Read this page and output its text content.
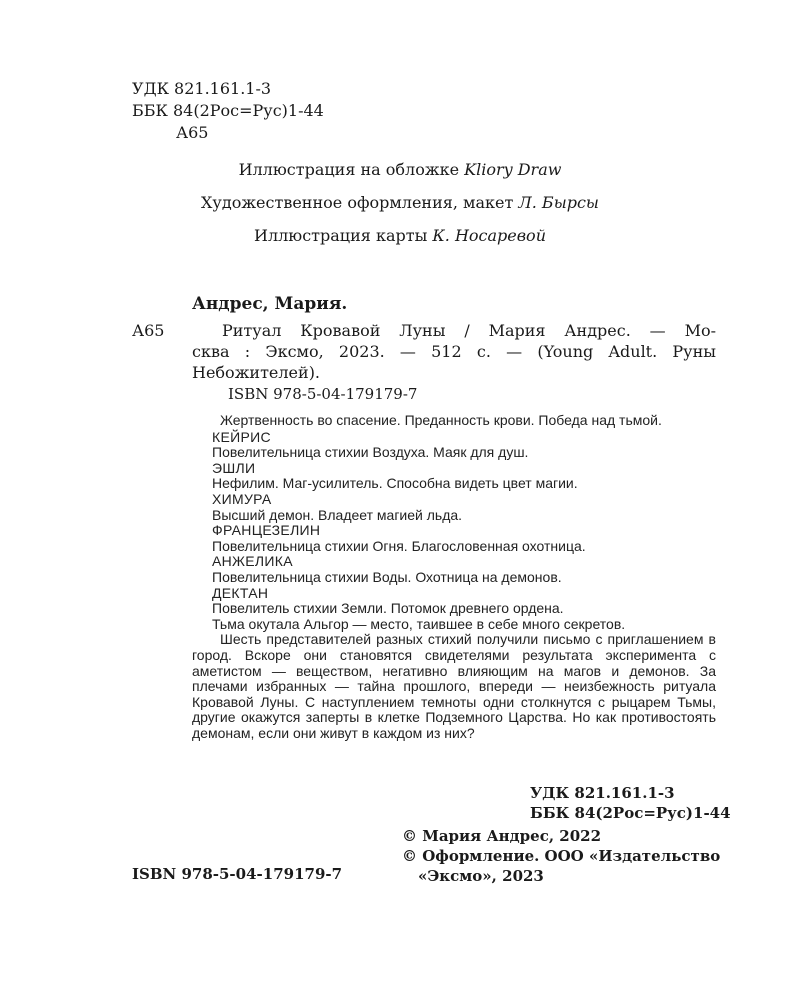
УДК 821.161.1-3
ББК 84(2Рос=Рус)1-44
А65
Иллюстрация на обложке Kliory Draw
Художественное оформления, макет Л. Бырсы
Иллюстрация карты К. Носаревой
Андрес, Мария.
А65	Ритуал Кровавой Луны / Мария Андрес. — Мо-
сква : Эксмо, 2023. — 512 с. — (Young Adult. Руны
Небожителей).
ISBN 978-5-04-179179-7
Жертвенность во спасение. Преданность крови. Победа над тьмой.
КЕЙРИС
Повелительница стихии Воздуха. Маяк для душ.
ЭШЛИ
Нефилим. Маг-усилитель. Способна видеть цвет магии.
ХИМУРА
Высший демон. Владеет магией льда.
ФРАНЦЕЗЕЛИН
Повелительница стихии Огня. Благословенная охотница.
АНЖЕЛИКА
Повелительница стихии Воды. Охотница на демонов.
ДЕКТАН
Повелитель стихии Земли. Потомок древнего ордена.
Тьма окутала Альгор — место, таившее в себе много секретов.
Шесть представителей разных стихий получили письмо с приглашением в город. Вскоре они становятся свидетелями результата эксперимента с аметистом — веществом, негативно влияющим на магов и демонов. За плечами избранных — тайна прошлого, впереди — неизбежность ритуала Кровавой Луны. С наступлением темноты одни столкнутся с рыцарем Тьмы, другие окажутся заперты в клетке Подземного Царства. Но как противостоять демонам, если они живут в каждом из них?
УДК 821.161.1-3
ББК 84(2Рос=Рус)1-44
© Мария Андрес, 2022
© Оформление. ООО «Издательство
«Эксмо», 2023
ISBN 978-5-04-179179-7
